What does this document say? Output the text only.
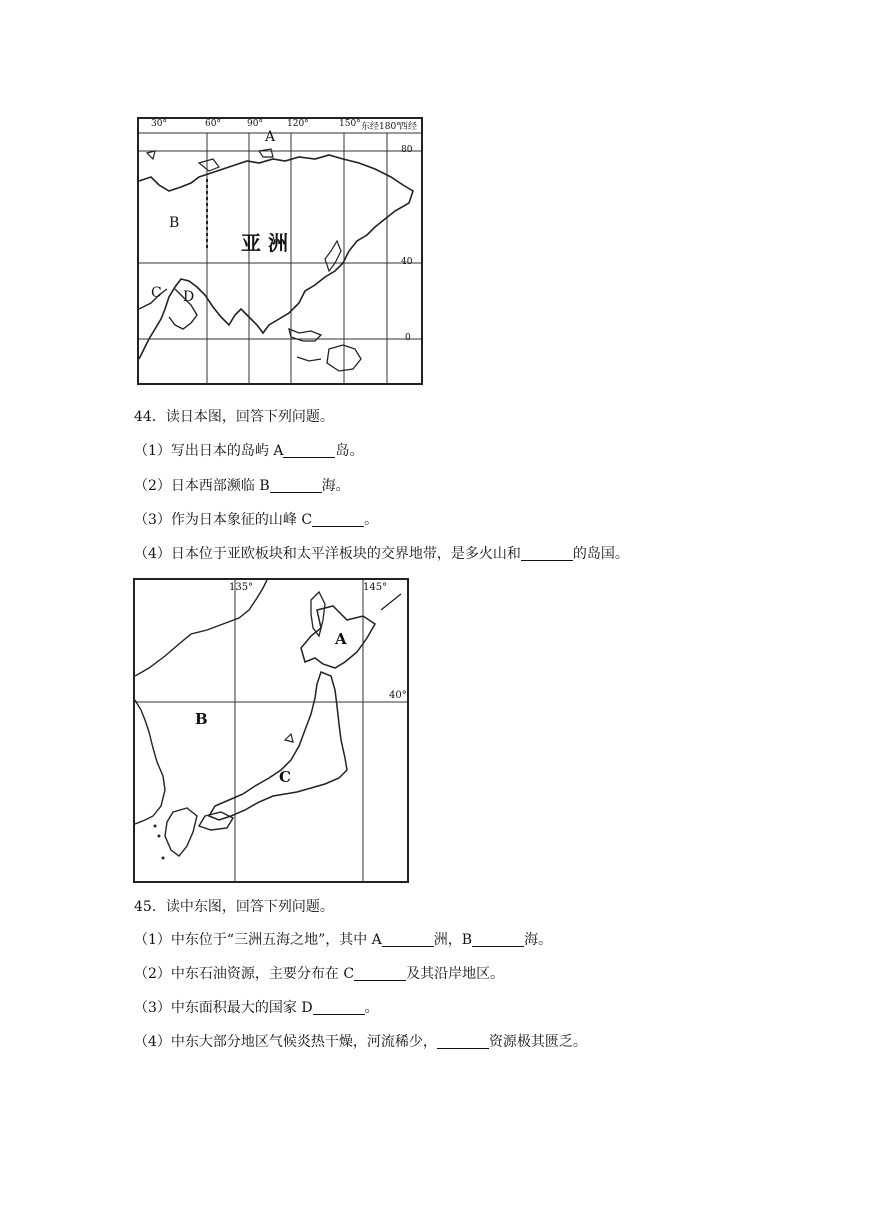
30°	60°	90°	120°	150° 东经180°
西经
80
40
0
亚 洲
A
B
C D
44．读日本图，回答下列问题。
（1）写出日本的岛屿 A	岛。
（2）日本西部濒临 B	海。
（3）作为日本象征的山峰 C	。
（4）日本位于亚欧板块和太平洋板块的交界地带，是多火山和	的岛国。
135°	145°
40°
A
B
C
45．读中东图，回答下列问题。
（1）中东位于“三洲五海之地”，其中 A	洲，B	海。
（2）中东石油资源，主要分布在 C	及其沿岸地区。
（3）中东面积最大的国家 D	。
（4）中东大部分地区气候炎热干燥，河流稀少，	资源极其匮乏。
